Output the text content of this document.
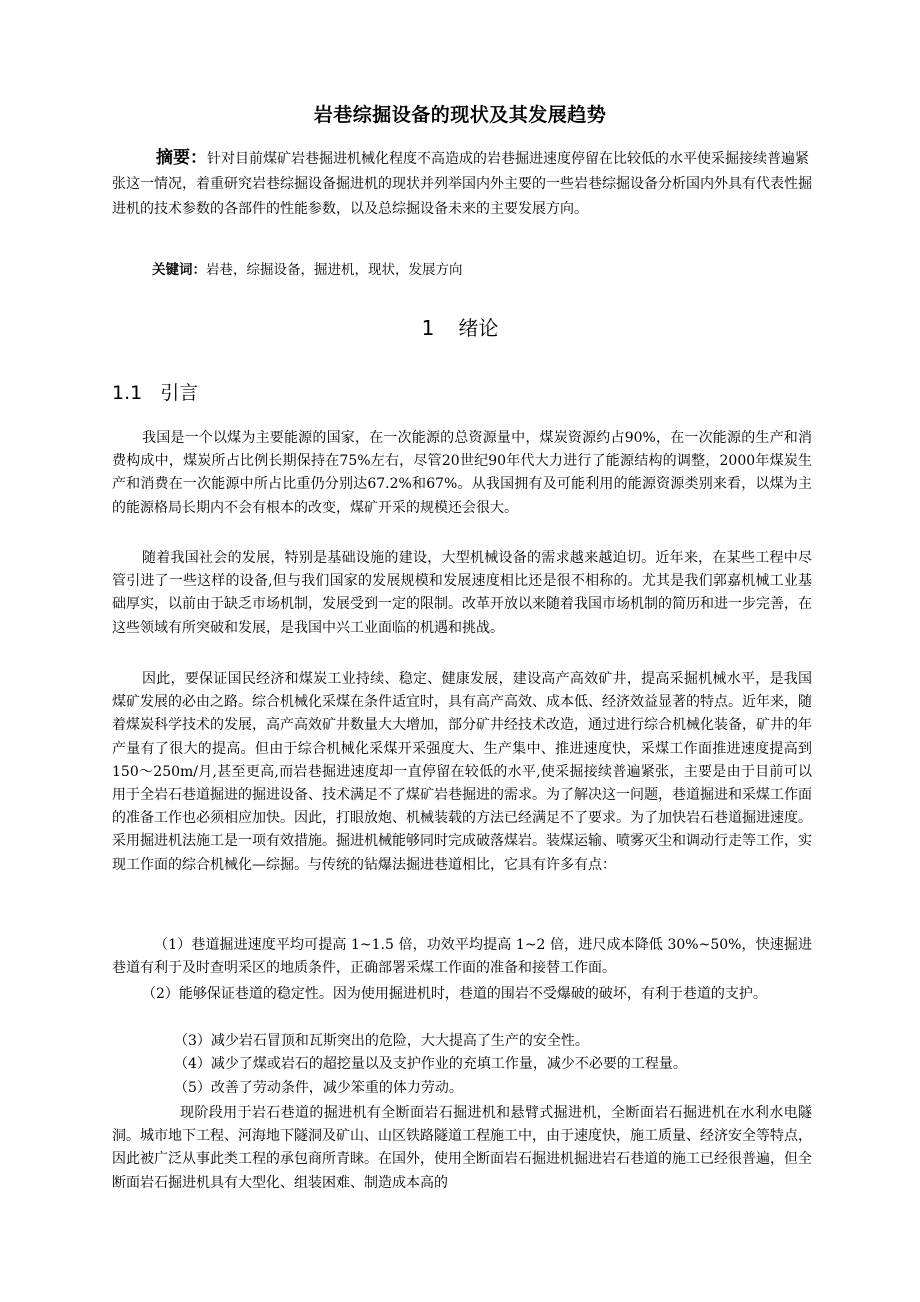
岩巷综掘设备的现状及其发展趋势

摘要：针对目前煤矿岩巷掘进机械化程度不高造成的岩巷掘进速度停留在比较低的水平使采掘接续普遍紧张这一情况，着重研究岩巷综掘设备掘进机的现状并列举国内外主要的一些岩巷综掘设备分析国内外具有代表性掘进机的技术参数的各部件的性能参数，以及总综掘设备未来的主要发展方向。

关键词：岩巷，综掘设备，掘进机，现状，发展方向
1 绪论
1.1 引言

我国是一个以煤为主要能源的国家，在一次能源的总资源量中，煤炭资源约占90%，在一次能源的生产和消费构成中，煤炭所占比例长期保持在75%左右，尽管20世纪90年代大力进行了能源结构的调整，2000年煤炭生产和消费在一次能源中所占比重仍分别达67.2%和67%。从我国拥有及可能利用的能源资源类别来看，以煤为主的能源格局长期内不会有根本的改变，煤矿开采的规模还会很大。

随着我国社会的发展，特别是基础设施的建设，大型机械设备的需求越来越迫切。近年来，在某些工程中尽管引进了一些这样的设备,但与我们国家的发展规模和发展速度相比还是很不相称的。尤其是我们郭嘉机械工业基础厚实，以前由于缺乏市场机制，发展受到一定的限制。改革开放以来随着我国市场机制的简历和进一步完善，在这些领域有所突破和发展，是我国中兴工业面临的机遇和挑战。

因此，要保证国民经济和煤炭工业持续、稳定、健康发展，建设高产高效矿井，提高采掘机械水平，是我国煤矿发展的必由之路。综合机械化采煤在条件适宜时，具有高产高效、成本低、经济效益显著的特点。近年来，随着煤炭科学技术的发展，高产高效矿井数量大大增加，部分矿井经技术改造，通过进行综合机械化装备，矿井的年产量有了很大的提高。但由于综合机械化采煤开采强度大、生产集中、推进速度快，采煤工作面推进速度提高到150～250m/月,甚至更高,而岩巷掘进速度却一直停留在较低的水平,使采掘接续普遍紧张，主要是由于目前可以用于全岩石巷道掘进的掘进设备、技术满足不了煤矿岩巷掘进的需求。为了解决这一问题，巷道掘进和采煤工作面的准备工作也必须相应加快。因此，打眼放炮、机械装载的方法已经满足不了要求。为了加快岩石巷道掘进速度。采用掘进机法施工是一项有效措施。掘进机械能够同时完成破落煤岩。装煤运输、喷雾灭尘和调动行走等工作，实现工作面的综合机械化—综掘。与传统的钻爆法掘进巷道相比，它具有许多有点：

（1）巷道掘进速度平均可提高 1~1.5 倍，功效平均提高 1~2 倍，进尺成本降低 30%~50%，快速掘进巷道有利于及时查明采区的地质条件，正确部署采煤工作面的准备和接替工作面。

（2）能够保证巷道的稳定性。因为使用掘进机时，巷道的围岩不受爆破的破坏，有利于巷道的支护。

（3）减少岩石冒顶和瓦斯突出的危险，大大提高了生产的安全性。

（4）减少了煤或岩石的超挖量以及支护作业的充填工作量，减少不必要的工程量。

（5）改善了劳动条件，减少笨重的体力劳动。

现阶段用于岩石巷道的掘进机有全断面岩石掘进机和悬臂式掘进机，全断面岩石掘进机在水利水电隧洞。城市地下工程、河海地下隧洞及矿山、山区铁路隧道工程施工中，由于速度快，施工质量、经济安全等特点，因此被广泛从事此类工程的承包商所青睐。在国外，使用全断面岩石掘进机掘进岩石巷道的施工已经很普遍，但全断面岩石掘进机具有大型化、组装困难、制造成本高的
